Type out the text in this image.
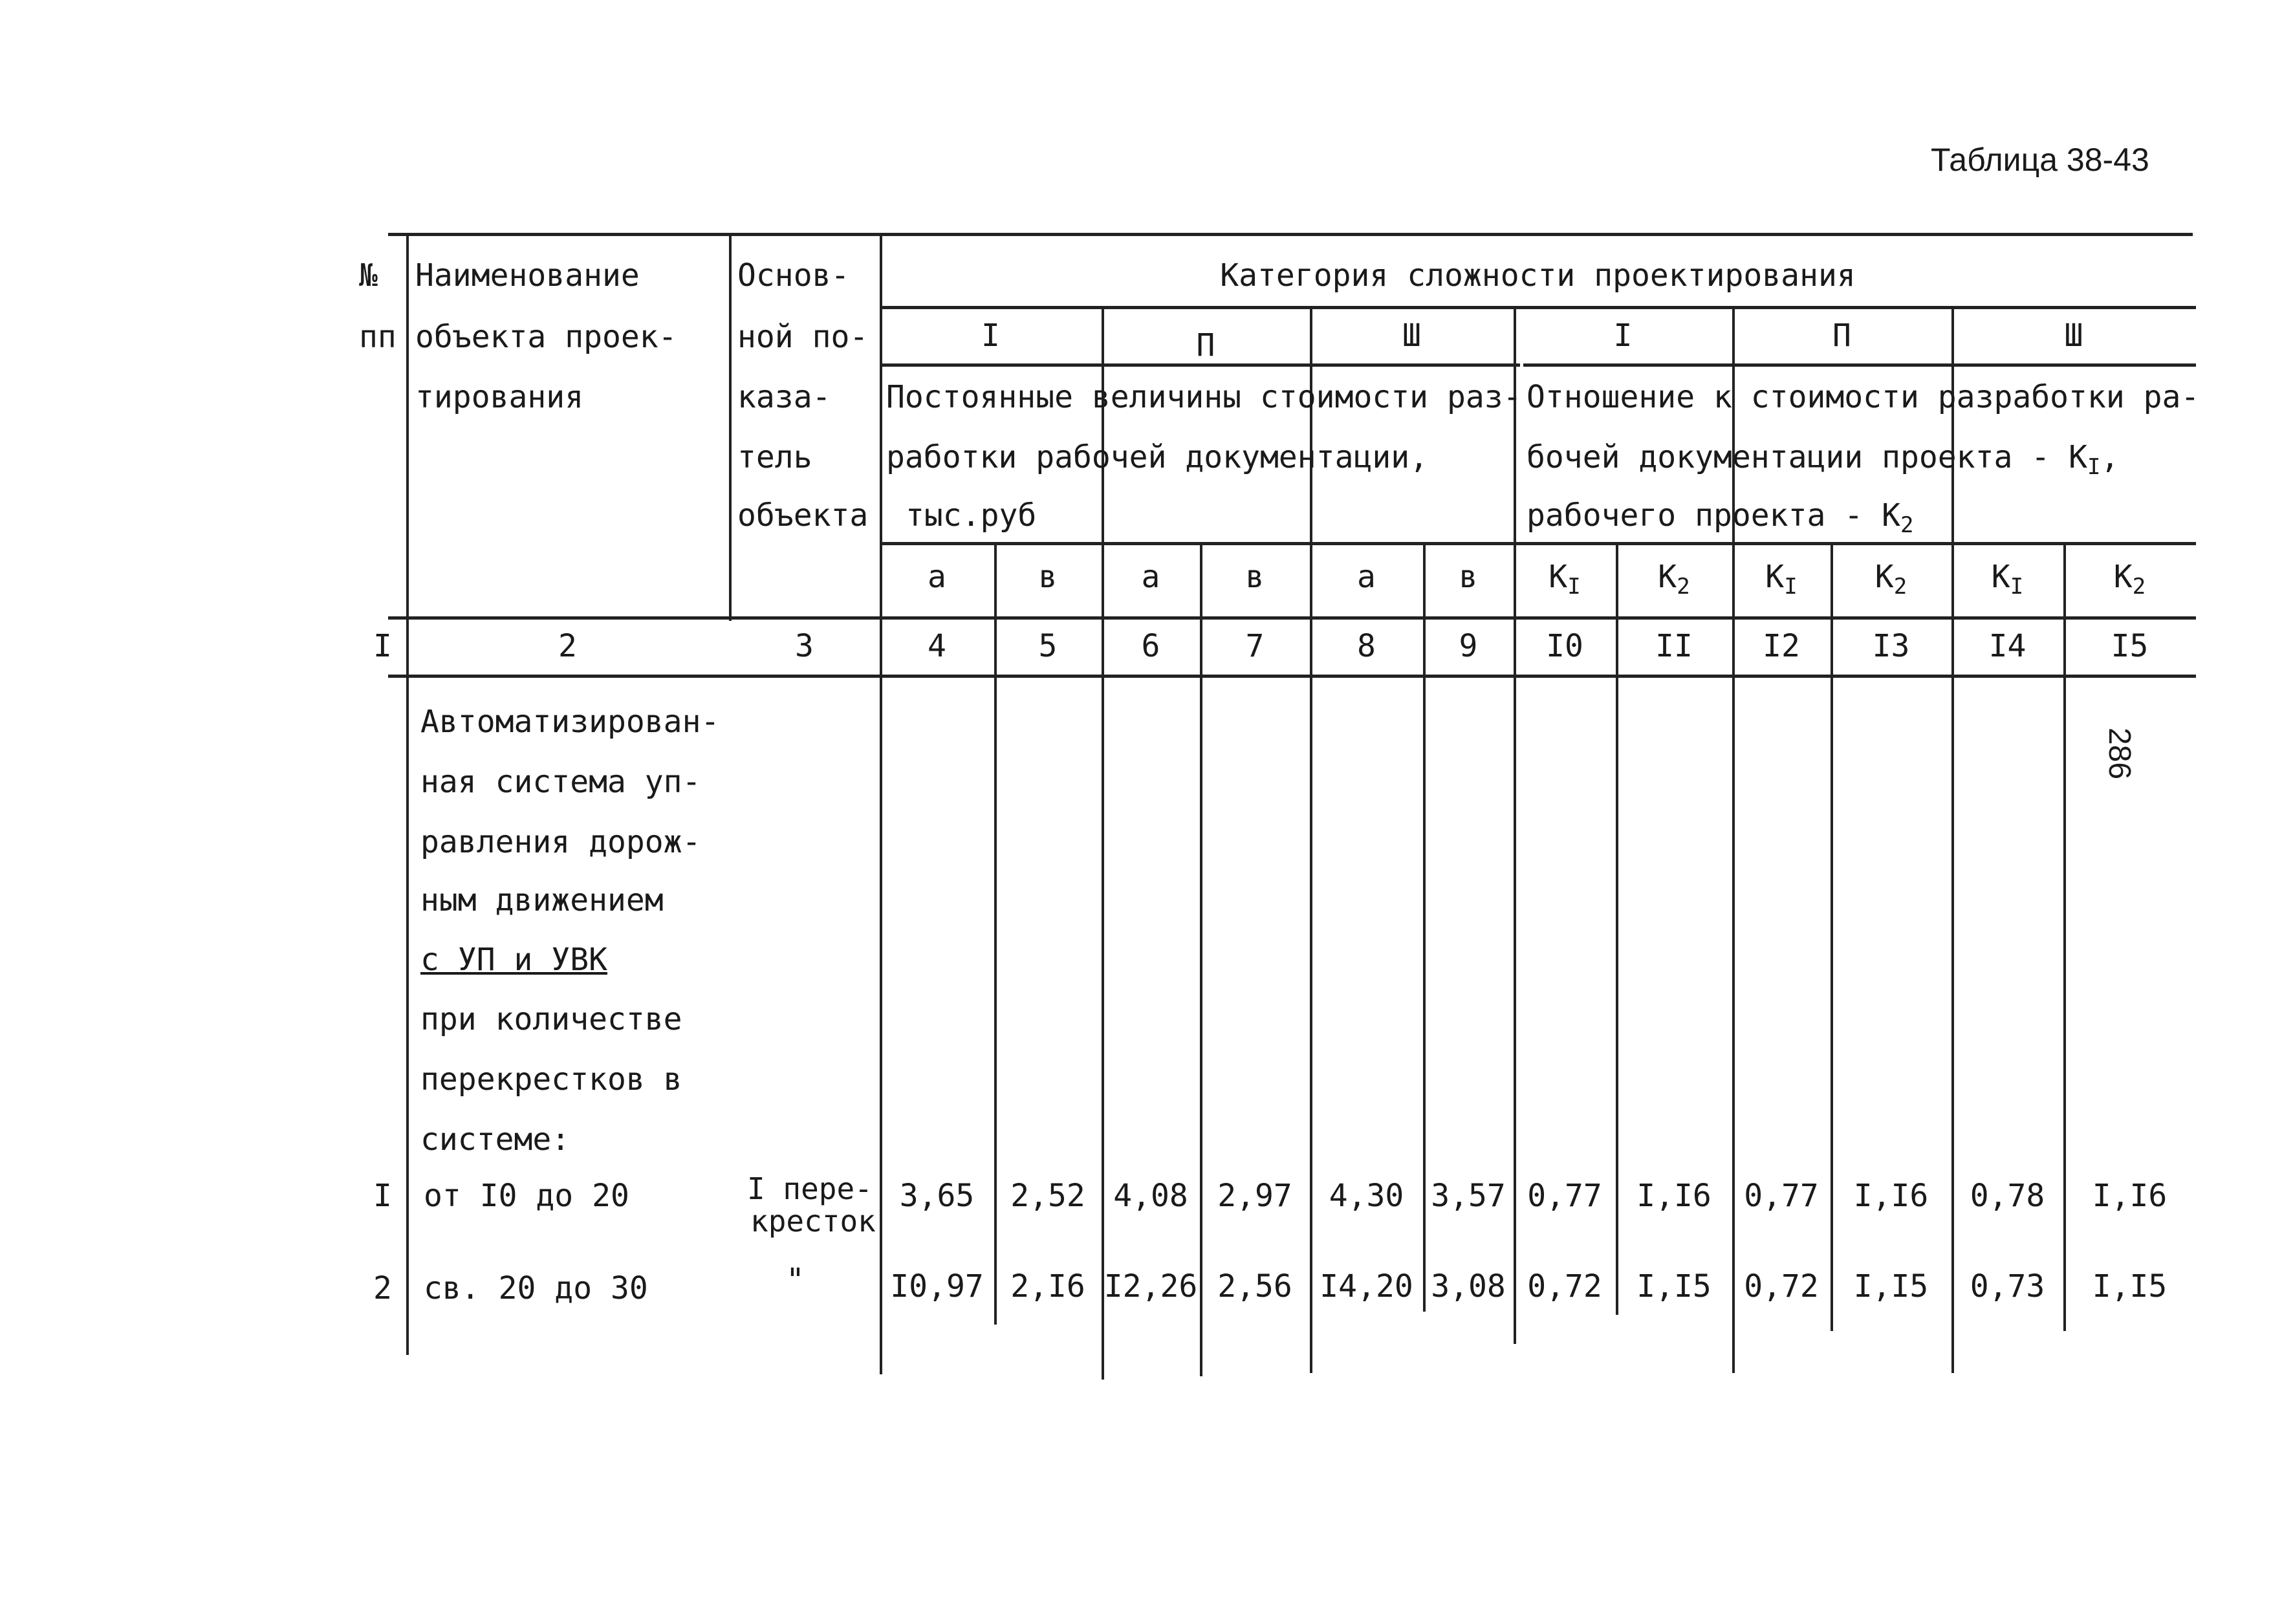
Таблица 38-43
286
№
пп
Наименование
объекта проек-
тирования
Основ-
ной по-
каза-
тель
объекта
Категория сложности проектирования
I	П	Ш	I	П	Ш
Постоянные величины стоимости раз-
работки рабочей документации,
тыс.руб
Отношение к стоимости разработки ра-
бочей документации проекта - $К_I$,
рабочего проекта - $К_2$
а	в	а	в	а	в	$К_I$	$К_2$	$К_I$	$К_2$	$К_I$	$К_2$
I	2	3	4	5	6	7	8	9	I0	II	I2	I3	I4	I5
Автоматизирован-
ная система уп-
равления дорож-
ным движением
с УП и УВК
при количестве
перекрестков в
системе:
I	от I0 до 20	I пере-
кресток
3,65	2,52 4,08 2,97	4,30 3,57 0,77	I,I6	0,77	I,I6	0,78	I,I6
2	св. 20 до 30	"	I0,97 2,I6 I2,26 2,56 I4,20 3,08 0,72	I,I5	0,72	I,I5	0,73	I,I5
